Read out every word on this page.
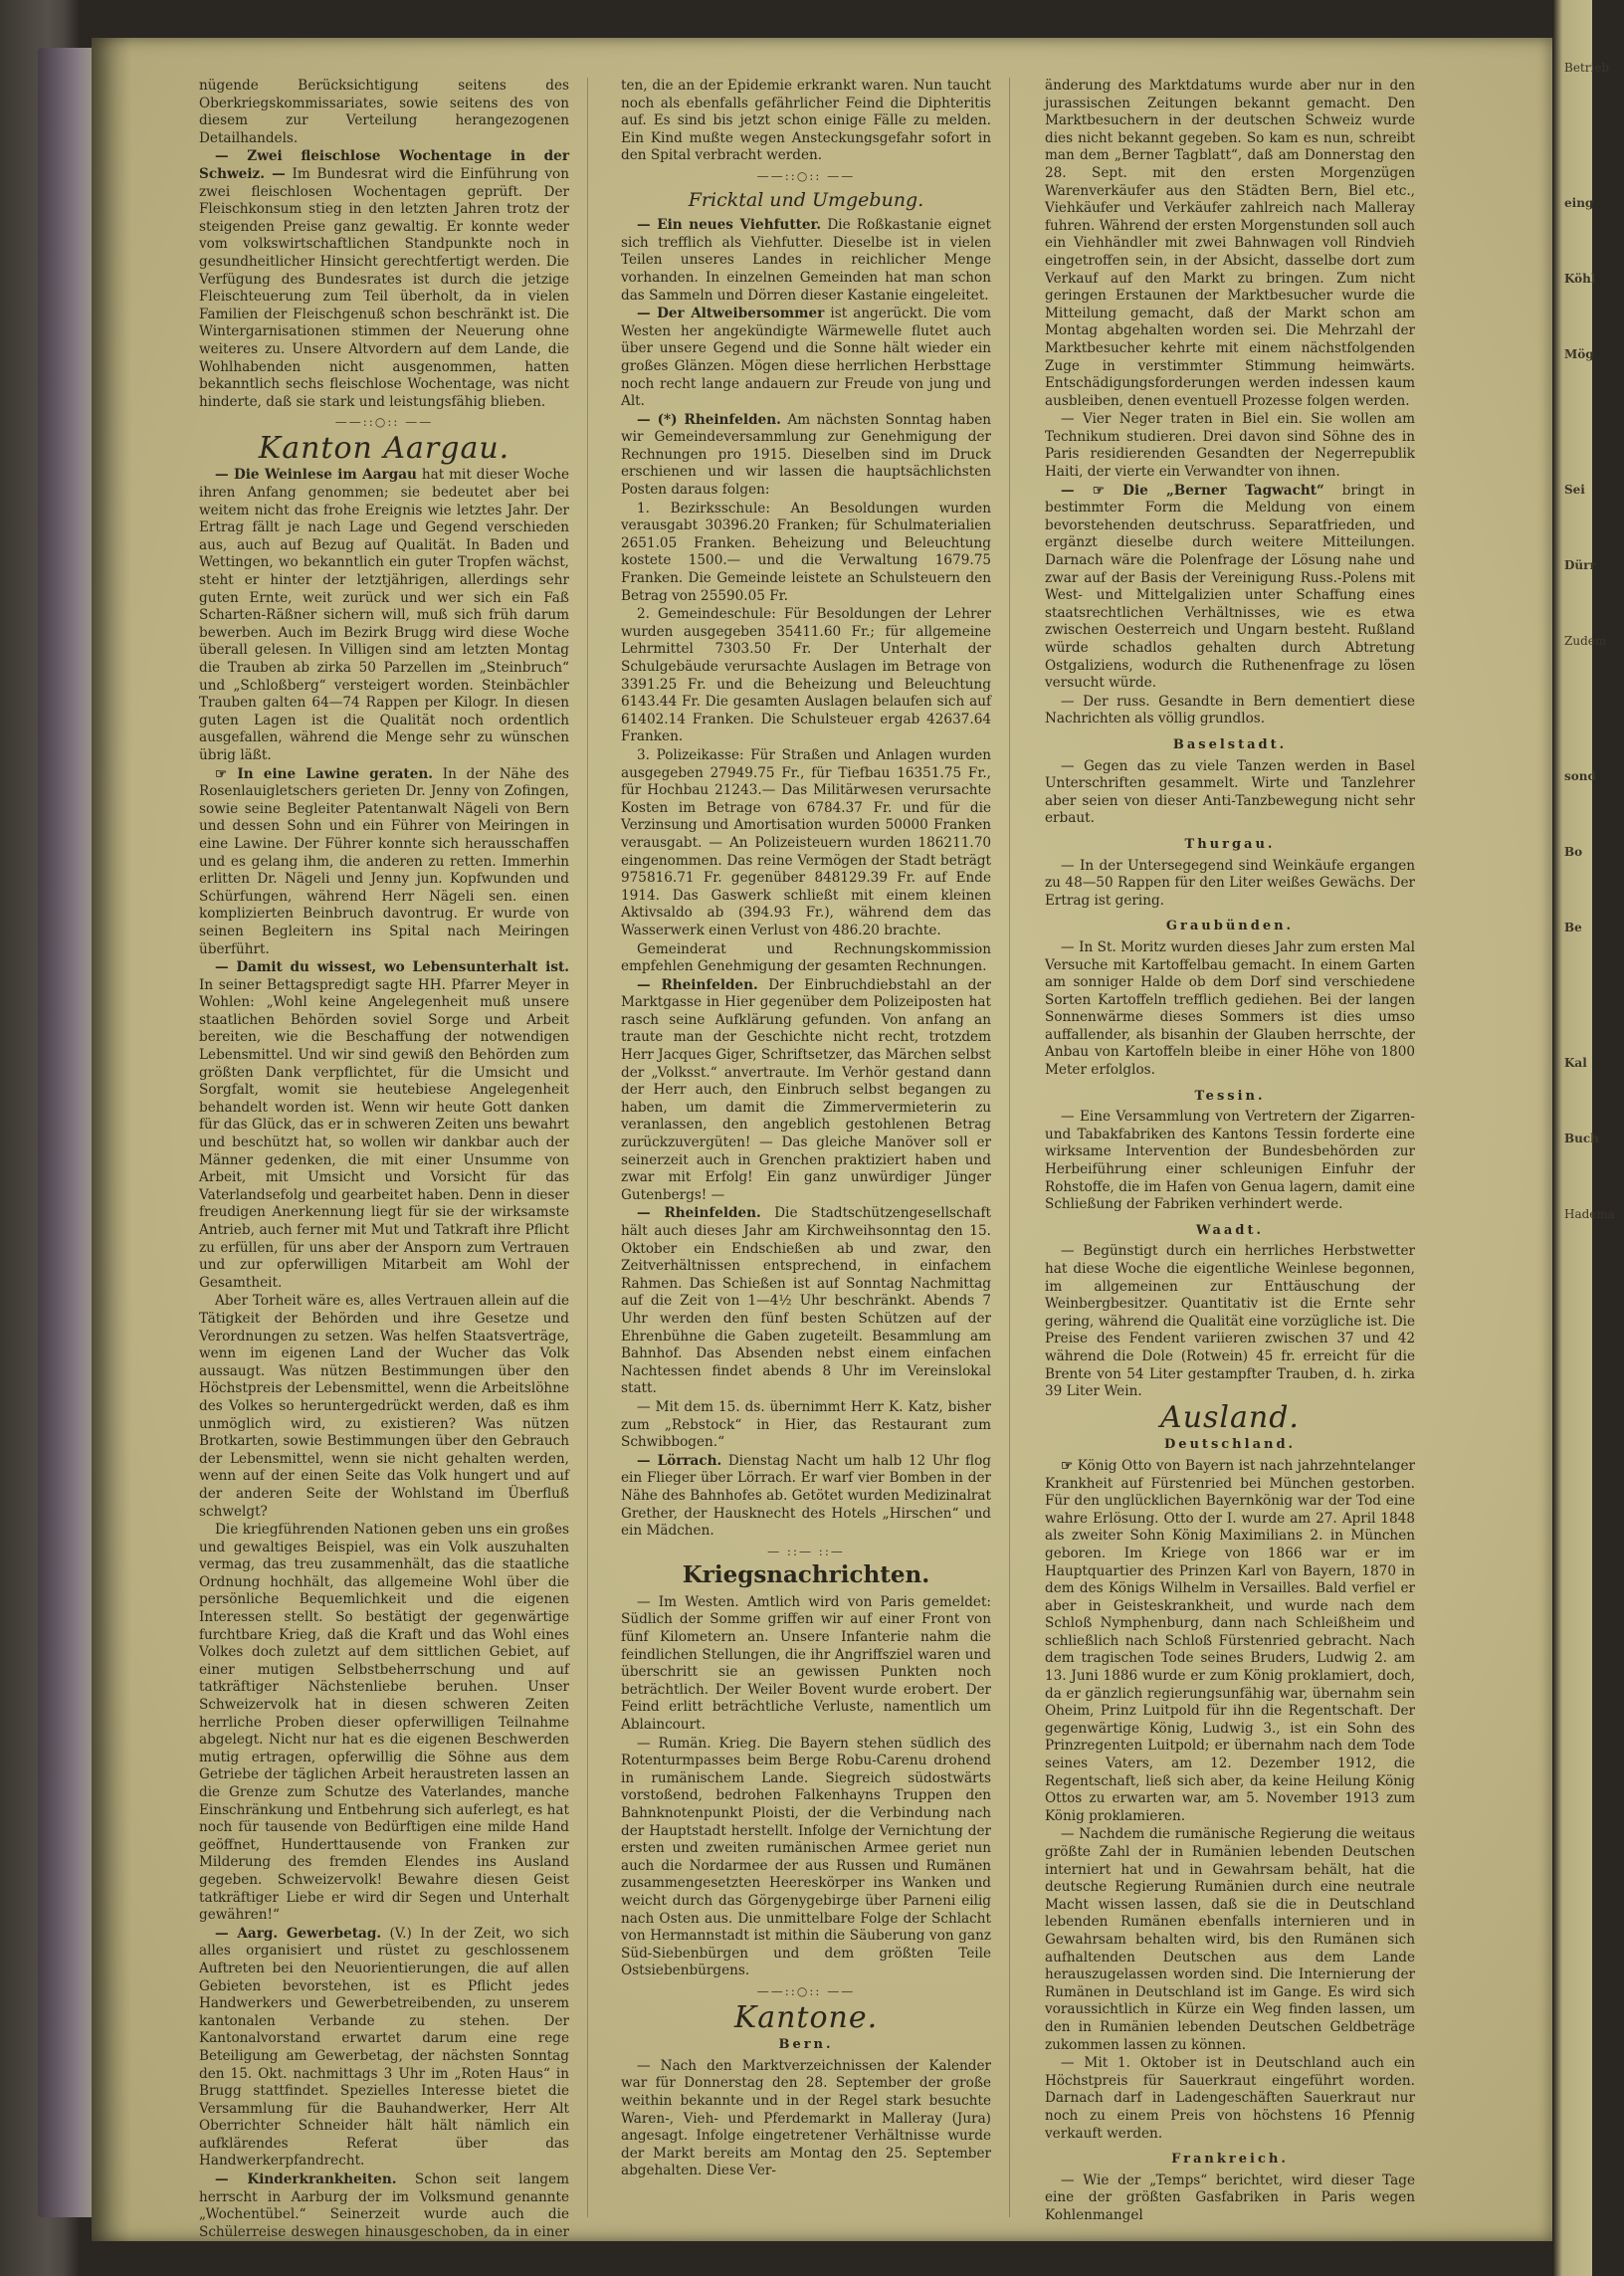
nügende Berücksichtigung seitens des Oberkriegskommissariates, sowie seitens des von diesem zur Verteilung herangezogenen Detailhandels.

— Zwei fleischlose Wochentage in der Schweiz. — Im Bundesrat wird die Einführung von zwei fleischlosen Wochentagen geprüft. Der Fleischkonsum stieg in den letzten Jahren trotz der steigenden Preise ganz gewaltig. Er konnte weder vom volkswirtschaftlichen Standpunkte noch in gesundheitlicher Hinsicht gerechtfertigt werden. Die Verfügung des Bundesrates ist durch die jetzige Fleischteuerung zum Teil überholt, da in vielen Familien der Fleischgenuß schon beschränkt ist. Die Wintergarnisationen stimmen der Neuerung ohne weiteres zu. Unsere Altvordern auf dem Lande, die Wohlhabenden nicht ausgenommen, hatten bekanntlich sechs fleischlose Wochentage, was nicht hinderte, daß sie stark und leistungsfähig blieben.

——::○:: ——
Kanton Aargau.

— Die Weinlese im Aargau hat mit dieser Woche ihren Anfang genommen; sie bedeutet aber bei weitem nicht das frohe Ereignis wie letztes Jahr. Der Ertrag fällt je nach Lage und Gegend verschieden aus, auch auf Bezug auf Qualität. In Baden und Wettingen, wo bekanntlich ein guter Tropfen wächst, steht er hinter der letztjährigen, allerdings sehr guten Ernte, weit zurück und wer sich ein Faß Scharten-Räßner sichern will, muß sich früh darum bewerben. Auch im Bezirk Brugg wird diese Woche überall gelesen. In Villigen sind am letzten Montag die Trauben ab zirka 50 Parzellen im „Steinbruch“ und „Schloßberg“ versteigert worden. Steinbächler Trauben galten 64—74 Rappen per Kilogr. In diesen guten Lagen ist die Qualität noch ordentlich ausgefallen, während die Menge sehr zu wünschen übrig läßt.

☞ In eine Lawine geraten. In der Nähe des Rosenlauigletschers gerieten Dr. Jenny von Zofingen, sowie seine Begleiter Patentanwalt Nägeli von Bern und dessen Sohn und ein Führer von Meiringen in eine Lawine. Der Führer konnte sich herausschaffen und es gelang ihm, die anderen zu retten. Immerhin erlitten Dr. Nägeli und Jenny jun. Kopfwunden und Schürfungen, während Herr Nägeli sen. einen komplizierten Beinbruch davontrug. Er wurde von seinen Begleitern ins Spital nach Meiringen überführt.

— Damit du wissest, wo Lebensunterhalt ist. In seiner Bettagspredigt sagte HH. Pfarrer Meyer in Wohlen: „Wohl keine Angelegenheit muß unsere staatlichen Behörden soviel Sorge und Arbeit bereiten, wie die Beschaffung der notwendigen Lebensmittel. Und wir sind gewiß den Behörden zum größten Dank verpflichtet, für die Umsicht und Sorgfalt, womit sie heutebiese Angelegenheit behandelt worden ist. Wenn wir heute Gott danken für das Glück, das er in schweren Zeiten uns bewahrt und beschützt hat, so wollen wir dankbar auch der Männer gedenken, die mit einer Unsumme von Arbeit, mit Umsicht und Vorsicht für das Vaterlandsefolg und gearbeitet haben. Denn in dieser freudigen Anerkennung liegt für sie der wirksamste Antrieb, auch ferner mit Mut und Tatkraft ihre Pflicht zu erfüllen, für uns aber der Ansporn zum Vertrauen und zur opferwilligen Mitarbeit am Wohl der Gesamtheit.

Aber Torheit wäre es, alles Vertrauen allein auf die Tätigkeit der Behörden und ihre Gesetze und Verordnungen zu setzen. Was helfen Staatsverträge, wenn im eigenen Land der Wucher das Volk aussaugt. Was nützen Bestimmungen über den Höchstpreis der Lebensmittel, wenn die Arbeitslöhne des Volkes so heruntergedrückt werden, daß es ihm unmöglich wird, zu existieren? Was nützen Brotkarten, sowie Bestimmungen über den Gebrauch der Lebensmittel, wenn sie nicht gehalten werden, wenn auf der einen Seite das Volk hungert und auf der anderen Seite der Wohlstand im Überfluß schwelgt?

Die kriegführenden Nationen geben uns ein großes und gewaltiges Beispiel, was ein Volk auszuhalten vermag, das treu zusammenhält, das die staatliche Ordnung hochhält, das allgemeine Wohl über die persönliche Bequemlichkeit und die eigenen Interessen stellt. So bestätigt der gegenwärtige furchtbare Krieg, daß die Kraft und das Wohl eines Volkes doch zuletzt auf dem sittlichen Gebiet, auf einer mutigen Selbstbeherrschung und auf tatkräftiger Nächstenliebe beruhen. Unser Schweizervolk hat in diesen schweren Zeiten herrliche Proben dieser opferwilligen Teilnahme abgelegt. Nicht nur hat es die eigenen Beschwerden mutig ertragen, opferwillig die Söhne aus dem Getriebe der täglichen Arbeit heraustreten lassen an die Grenze zum Schutze des Vaterlandes, manche Einschränkung und Entbehrung sich auferlegt, es hat noch für tausende von Bedürftigen eine milde Hand geöffnet, Hunderttausende von Franken zur Milderung des fremden Elendes ins Ausland gegeben. Schweizervolk! Bewahre diesen Geist tatkräftiger Liebe er wird dir Segen und Unterhalt gewähren!“

— Aarg. Gewerbetag. (V.) In der Zeit, wo sich alles organisiert und rüstet zu geschlossenem Auftreten bei den Neuorientierungen, die auf allen Gebieten bevorstehen, ist es Pflicht jedes Handwerkers und Gewerbetreibenden, zu unserem kantonalen Verbande zu stehen. Der Kantonalvorstand erwartet darum eine rege Beteiligung am Gewerbetag, der nächsten Sonntag den 15. Okt. nachmittags 3 Uhr im „Roten Haus“ in Brugg stattfindet. Spezielles Interesse bietet die Versammlung für die Bauhandwerker, Herr Alt Oberrichter Schneider hält hält nämlich ein aufklärendes Referat über das Handwerkerpfandrecht.

— Kinderkrankheiten. Schon seit langem herrscht in Aarburg der im Volksmund genannte „Wochentübel.“ Seinerzeit wurde auch die Schülerreise deswegen hinausgeschoben, da in einer Klasse 24 Kinder fehl-

ten, die an der Epidemie erkrankt waren. Nun taucht noch als ebenfalls gefährlicher Feind die Diphteritis auf. Es sind bis jetzt schon einige Fälle zu melden. Ein Kind mußte wegen Ansteckungsgefahr sofort in den Spital verbracht werden.

——::○:: ——
Fricktal und Umgebung.

— Ein neues Viehfutter. Die Roßkastanie eignet sich trefflich als Viehfutter. Dieselbe ist in vielen Teilen unseres Landes in reichlicher Menge vorhanden. In einzelnen Gemeinden hat man schon das Sammeln und Dörren dieser Kastanie eingeleitet.

— Der Altweibersommer ist angerückt. Die vom Westen her angekündigte Wärmewelle flutet auch über unsere Gegend und die Sonne hält wieder ein großes Glänzen. Mögen diese herrlichen Herbsttage noch recht lange andauern zur Freude von jung und Alt.

— (*) Rheinfelden. Am nächsten Sonntag haben wir Gemeindeversammlung zur Genehmigung der Rechnungen pro 1915. Dieselben sind im Druck erschienen und wir lassen die hauptsächlichsten Posten daraus folgen:

1. Bezirksschule: An Besoldungen wurden verausgabt 30396.20 Franken; für Schulmaterialien 2651.05 Franken. Beheizung und Beleuchtung kostete 1500.— und die Verwaltung 1679.75 Franken. Die Gemeinde leistete an Schulsteuern den Betrag von 25590.05 Fr.

2. Gemeindeschule: Für Besoldungen der Lehrer wurden ausgegeben 35411.60 Fr.; für allgemeine Lehrmittel 7303.50 Fr. Der Unterhalt der Schulgebäude verursachte Auslagen im Betrage von 3391.25 Fr. und die Beheizung und Beleuchtung 6143.44 Fr. Die gesamten Auslagen belaufen sich auf 61402.14 Franken. Die Schulsteuer ergab 42637.64 Franken.

3. Polizeikasse: Für Straßen und Anlagen wurden ausgegeben 27949.75 Fr., für Tiefbau 16351.75 Fr., für Hochbau 21243.— Das Militärwesen verursachte Kosten im Betrage von 6784.37 Fr. und für die Verzinsung und Amortisation wurden 50000 Franken verausgabt. — An Polizeisteuern wurden 186211.70 eingenommen. Das reine Vermögen der Stadt beträgt 975816.71 Fr. gegenüber 848129.39 Fr. auf Ende 1914. Das Gaswerk schließt mit einem kleinen Aktivsaldo ab (394.93 Fr.), während dem das Wasserwerk einen Verlust von 486.20 brachte.

Gemeinderat und Rechnungskommission empfehlen Genehmigung der gesamten Rechnungen.

— Rheinfelden. Der Einbruchdiebstahl an der Marktgasse in Hier gegenüber dem Polizeiposten hat rasch seine Aufklärung gefunden. Von anfang an traute man der Geschichte nicht recht, trotzdem Herr Jacques Giger, Schriftsetzer, das Märchen selbst der „Volksst.“ anvertraute. Im Verhör gestand dann der Herr auch, den Einbruch selbst begangen zu haben, um damit die Zimmervermieterin zu veranlassen, den angeblich gestohlenen Betrag zurückzuvergüten! — Das gleiche Manöver soll er seinerzeit auch in Grenchen praktiziert haben und zwar mit Erfolg! Ein ganz unwürdiger Jünger Gutenbergs! —

— Rheinfelden. Die Stadtschützengesellschaft hält auch dieses Jahr am Kirchweihsonntag den 15. Oktober ein Endschießen ab und zwar, den Zeitverhältnissen entsprechend, in einfachem Rahmen. Das Schießen ist auf Sonntag Nachmittag auf die Zeit von 1—4½ Uhr beschränkt. Abends 7 Uhr werden den fünf besten Schützen auf der Ehrenbühne die Gaben zugeteilt. Besammlung am Bahnhof. Das Absenden nebst einem einfachen Nachtessen findet abends 8 Uhr im Vereinslokal statt.

— Mit dem 15. ds. übernimmt Herr K. Katz, bisher zum „Rebstock“ in Hier, das Restaurant zum Schwibbogen.“

— Lörrach. Dienstag Nacht um halb 12 Uhr flog ein Flieger über Lörrach. Er warf vier Bomben in der Nähe des Bahnhofes ab. Getötet wurden Medizinalrat Grether, der Hausknecht des Hotels „Hirschen“ und ein Mädchen.

— ::— ::—
Kriegsnachrichten.

— Im Westen. Amtlich wird von Paris gemeldet: Südlich der Somme griffen wir auf einer Front von fünf Kilometern an. Unsere Infanterie nahm die feindlichen Stellungen, die ihr Angriffsziel waren und überschritt sie an gewissen Punkten noch beträchtlich. Der Weiler Bovent wurde erobert. Der Feind erlitt beträchtliche Verluste, namentlich um Ablaincourt.

— Rumän. Krieg. Die Bayern stehen südlich des Rotenturmpasses beim Berge Robu-Carenu drohend in rumänischem Lande. Siegreich südostwärts vorstoßend, bedrohen Falkenhayns Truppen den Bahnknotenpunkt Ploisti, der die Verbindung nach der Hauptstadt herstellt. Infolge der Vernichtung der ersten und zweiten rumänischen Armee geriet nun auch die Nordarmee der aus Russen und Rumänen zusammengesetzten Heereskörper ins Wanken und weicht durch das Görgenygebirge über Parneni eilig nach Osten aus. Die unmittelbare Folge der Schlacht von Hermannstadt ist mithin die Säuberung von ganz Süd-Siebenbürgen und dem größten Teile Ostsiebenbürgens.

——::○:: ——
Kantone.
Bern.

— Nach den Marktverzeichnissen der Kalender war für Donnerstag den 28. September der große weithin bekannte und in der Regel stark besuchte Waren-, Vieh- und Pferdemarkt in Malleray (Jura) angesagt. Infolge eingetretener Verhältnisse wurde der Markt bereits am Montag den 25. September abgehalten. Diese Ver-

änderung des Marktdatums wurde aber nur in den jurassischen Zeitungen bekannt gemacht. Den Marktbesuchern in der deutschen Schweiz wurde dies nicht bekannt gegeben. So kam es nun, schreibt man dem „Berner Tagblatt“, daß am Donnerstag den 28. Sept. mit den ersten Morgenzügen Warenverkäufer aus den Städten Bern, Biel etc., Viehkäufer und Verkäufer zahlreich nach Malleray fuhren. Während der ersten Morgenstunden soll auch ein Viehhändler mit zwei Bahnwagen voll Rindvieh eingetroffen sein, in der Absicht, dasselbe dort zum Verkauf auf den Markt zu bringen. Zum nicht geringen Erstaunen der Marktbesucher wurde die Mitteilung gemacht, daß der Markt schon am Montag abgehalten worden sei. Die Mehrzahl der Marktbesucher kehrte mit einem nächstfolgenden Zuge in verstimmter Stimmung heimwärts. Entschädigungsforderungen werden indessen kaum ausbleiben, denen eventuell Prozesse folgen werden.

— Vier Neger traten in Biel ein. Sie wollen am Technikum studieren. Drei davon sind Söhne des in Paris residierenden Gesandten der Negerrepublik Haiti, der vierte ein Verwandter von ihnen.

— ☞ Die „Berner Tagwacht“ bringt in bestimmter Form die Meldung von einem bevorstehenden deutschruss. Separatfrieden, und ergänzt dieselbe durch weitere Mitteilungen. Darnach wäre die Polenfrage der Lösung nahe und zwar auf der Basis der Vereinigung Russ.-Polens mit West- und Mittelgalizien unter Schaffung eines staatsrechtlichen Verhältnisses, wie es etwa zwischen Oesterreich und Ungarn besteht. Rußland würde schadlos gehalten durch Abtretung Ostgaliziens, wodurch die Ruthenenfrage zu lösen versucht würde.

— Der russ. Gesandte in Bern dementiert diese Nachrichten als völlig grundlos.

Baselstadt.

— Gegen das zu viele Tanzen werden in Basel Unterschriften gesammelt. Wirte und Tanzlehrer aber seien von dieser Anti-Tanzbewegung nicht sehr erbaut.

Thurgau.

— In der Untersegegend sind Weinkäufe ergangen zu 48—50 Rappen für den Liter weißes Gewächs. Der Ertrag ist gering.

Graubünden.

— In St. Moritz wurden dieses Jahr zum ersten Mal Versuche mit Kartoffelbau gemacht. In einem Garten am sonniger Halde ob dem Dorf sind verschiedene Sorten Kartoffeln trefflich gediehen. Bei der langen Sonnenwärme dieses Sommers ist dies umso auffallender, als bisanhin der Glauben herrschte, der Anbau von Kartoffeln bleibe in einer Höhe von 1800 Meter erfolglos.

Tessin.

— Eine Versammlung von Vertretern der Zigarren- und Tabakfabriken des Kantons Tessin forderte eine wirksame Intervention der Bundesbehörden zur Herbeiführung einer schleunigen Einfuhr der Rohstoffe, die im Hafen von Genua lagern, damit eine Schließung der Fabriken verhindert werde.

Waadt.

— Begünstigt durch ein herrliches Herbstwetter hat diese Woche die eigentliche Weinlese begonnen, im allgemeinen zur Enttäuschung der Weinbergbesitzer. Quantitativ ist die Ernte sehr gering, während die Qualität eine vorzügliche ist. Die Preise des Fendent variieren zwischen 37 und 42 während die Dole (Rotwein) 45 fr. erreicht für die Brente von 54 Liter gestampfter Trauben, d. h. zirka 39 Liter Wein.

Ausland.
Deutschland.

☞ König Otto von Bayern ist nach jahrzehntelanger Krankheit auf Fürstenried bei München gestorben. Für den unglücklichen Bayernkönig war der Tod eine wahre Erlösung. Otto der I. wurde am 27. April 1848 als zweiter Sohn König Maximilians 2. in München geboren. Im Kriege von 1866 war er im Hauptquartier des Prinzen Karl von Bayern, 1870 in dem des Königs Wilhelm in Versailles. Bald verfiel er aber in Geisteskrankheit, und wurde nach dem Schloß Nymphenburg, dann nach Schleißheim und schließlich nach Schloß Fürstenried gebracht. Nach dem tragischen Tode seines Bruders, Ludwig 2. am 13. Juni 1886 wurde er zum König proklamiert, doch, da er gänzlich regierungsunfähig war, übernahm sein Oheim, Prinz Luitpold für ihn die Regentschaft. Der gegenwärtige König, Ludwig 3., ist ein Sohn des Prinzregenten Luitpold; er übernahm nach dem Tode seines Vaters, am 12. Dezember 1912, die Regentschaft, ließ sich aber, da keine Heilung König Ottos zu erwarten war, am 5. November 1913 zum König proklamieren.

— Nachdem die rumänische Regierung die weitaus größte Zahl der in Rumänien lebenden Deutschen interniert hat und in Gewahrsam behält, hat die deutsche Regierung Rumänien durch eine neutrale Macht wissen lassen, daß sie die in Deutschland lebenden Rumänen ebenfalls internieren und in Gewahrsam behalten wird, bis den Rumänen sich aufhaltenden Deutschen aus dem Lande herauszugelassen worden sind. Die Internierung der Rumänen in Deutschland ist im Gange. Es wird sich voraussichtlich in Kürze ein Weg finden lassen, um den in Rumänien lebenden Deutschen Geldbeträge zukommen lassen zu können.

— Mit 1. Oktober ist in Deutschland auch ein Höchstpreis für Sauerkraut eingeführt worden. Darnach darf in Ladengeschäften Sauerkraut nur noch zu einem Preis von höchstens 16 Pfennig verkauft werden.

Frankreich.

— Wie der „Temps“ berichtet, wird dieser Tage eine der größten Gasfabriken in Paris wegen Kohlenmangel

Betrieb
eing
Köhl
Mög
Sei
Dürr
Zudem
sond
Bo
Be
Kal
Buch
Hadema
